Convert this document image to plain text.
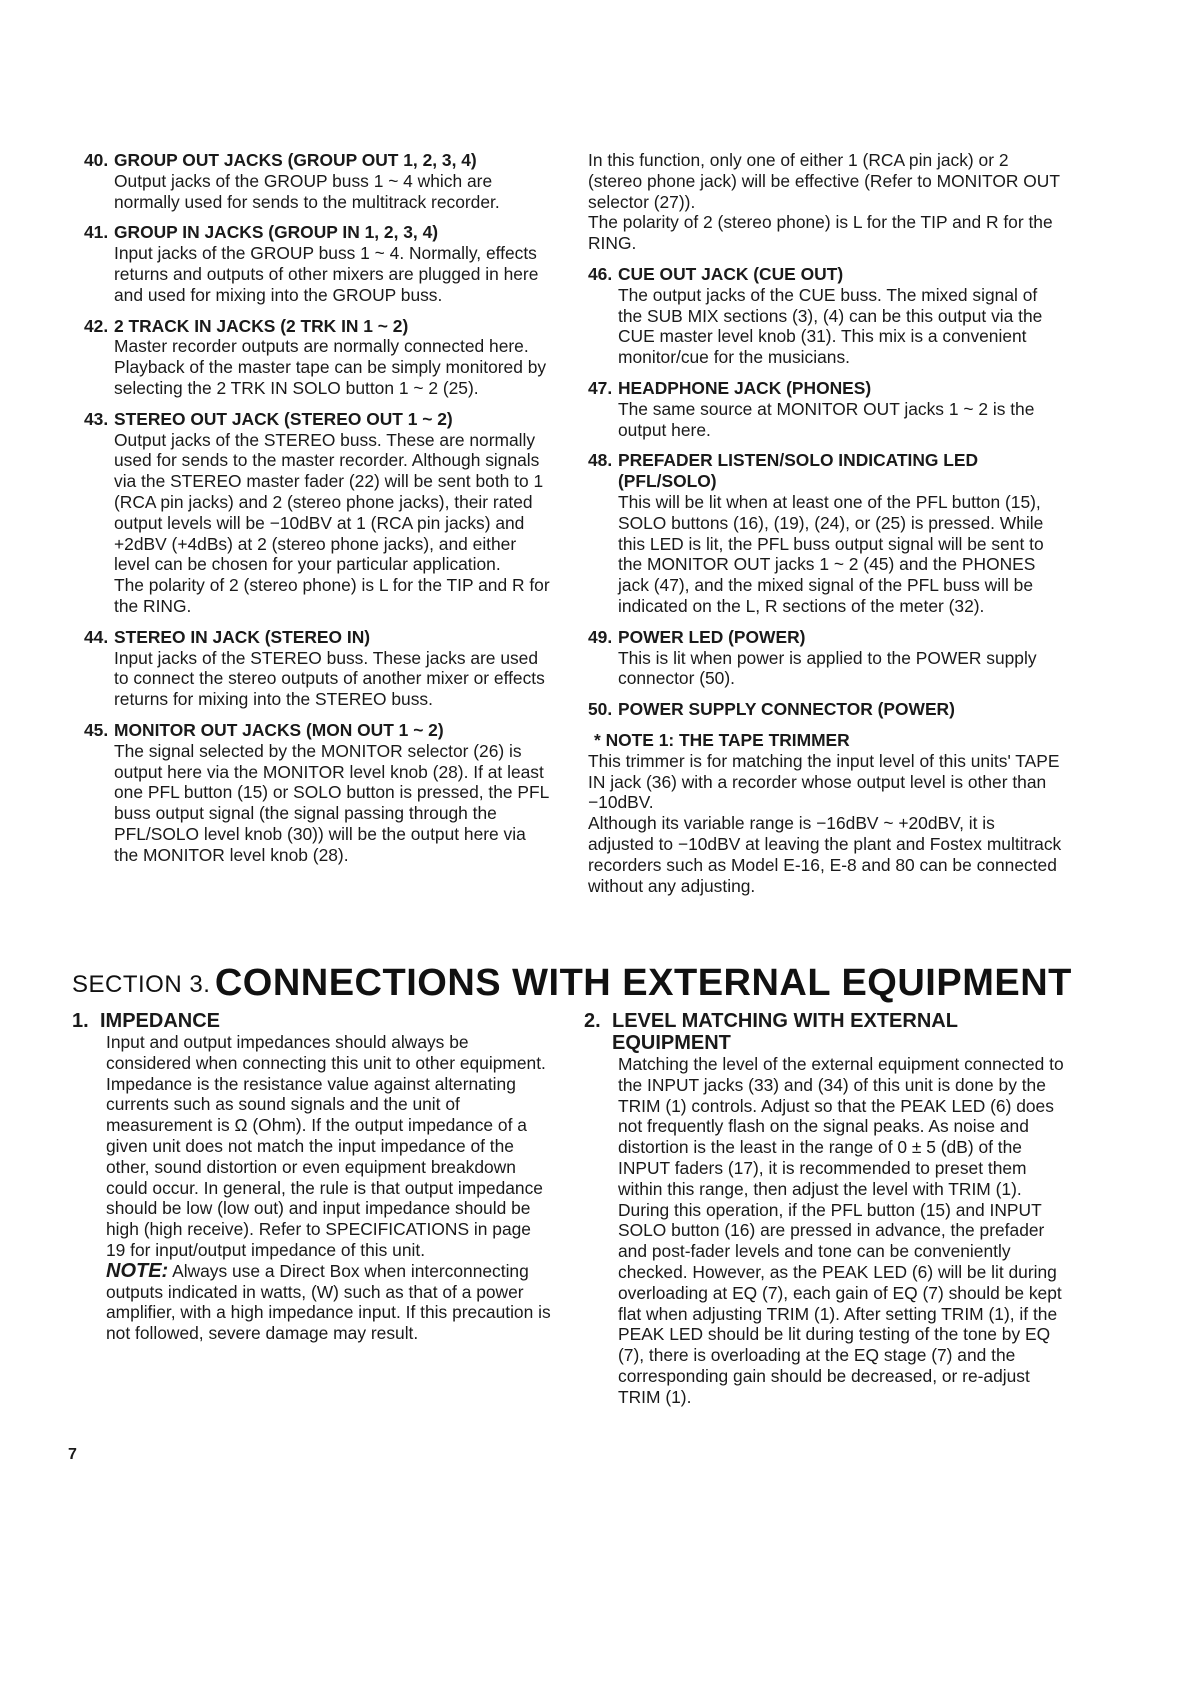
40. GROUP OUT JACKS (GROUP OUT 1, 2, 3, 4)

Output jacks of the GROUP buss 1 ~ 4 which are normally used for sends to the multitrack recorder.

41. GROUP IN JACKS (GROUP IN 1, 2, 3, 4)

Input jacks of the GROUP buss 1 ~ 4. Normally, effects returns and outputs of other mixers are plugged in here and used for mixing into the GROUP buss.

42. 2 TRACK IN JACKS (2 TRK IN 1 ~ 2)

Master recorder outputs are normally connected here. Playback of the master tape can be simply monitored by selecting the 2 TRK IN SOLO button 1 ~ 2 (25).

43. STEREO OUT JACK (STEREO OUT 1 ~ 2)

Output jacks of the STEREO buss. These are normally used for sends to the master recorder. Although signals via the STEREO master fader (22) will be sent both to 1 (RCA pin jacks) and 2 (stereo phone jacks), their rated output levels will be −10dBV at 1 (RCA pin jacks) and +2dBV (+4dBs) at 2 (stereo phone jacks), and either level can be chosen for your particular application.

The polarity of 2 (stereo phone) is L for the TIP and R for the RING.

44. STEREO IN JACK (STEREO IN)

Input jacks of the STEREO buss. These jacks are used to connect the stereo outputs of another mixer or effects returns for mixing into the STEREO buss.

45. MONITOR OUT JACKS (MON OUT 1 ~ 2)

The signal selected by the MONITOR selector (26) is output here via the MONITOR level knob (28). If at least one PFL button (15) or SOLO button is pressed, the PFL buss output signal (the signal passing through the PFL/SOLO level knob (30)) will be the output here via the MONITOR level knob (28).

In this function, only one of either 1 (RCA pin jack) or 2 (stereo phone jack) will be effective (Refer to MONITOR OUT selector (27)).

The polarity of 2 (stereo phone) is L for the TIP and R for the RING.

46. CUE OUT JACK (CUE OUT)

The output jacks of the CUE buss. The mixed signal of the SUB MIX sections (3), (4) can be this output via the CUE master level knob (31). This mix is a convenient monitor/cue for the musicians.

47. HEADPHONE JACK (PHONES)

The same source at MONITOR OUT jacks 1 ~ 2 is the output here.

48. PREFADER LISTEN/SOLO INDICATING LED (PFL/SOLO)

This will be lit when at least one of the PFL button (15), SOLO buttons (16), (19), (24), or (25) is pressed. While this LED is lit, the PFL buss output signal will be sent to the MONITOR OUT jacks 1 ~ 2 (45) and the PHONES jack (47), and the mixed signal of the PFL buss will be indicated on the L, R sections of the meter (32).

49. POWER LED (POWER)

This is lit when power is applied to the POWER supply connector (50).

50. POWER SUPPLY CONNECTOR (POWER)
* NOTE 1: THE TAPE TRIMMER

This trimmer is for matching the input level of this units' TAPE IN jack (36) with a recorder whose output level is other than −10dBV.

Although its variable range is −16dBV ~ +20dBV, it is adjusted to −10dBV at leaving the plant and Fostex multitrack recorders such as Model E-16, E-8 and 80 can be connected without any adjusting.

SECTION 3. CONNECTIONS WITH EXTERNAL EQUIPMENT
1. IMPEDANCE

Input and output impedances should always be considered when connecting this unit to other equipment.

Impedance is the resistance value against alternating currents such as sound signals and the unit of measurement is Ω (Ohm). If the output impedance of a given unit does not match the input impedance of the other, sound distortion or even equipment breakdown could occur. In general, the rule is that output impedance should be low (low out) and input impedance should be high (high receive). Refer to SPECIFICATIONS in page 19 for input/output impedance of this unit.

NOTE: Always use a Direct Box when interconnecting outputs indicated in watts, (W) such as that of a power amplifier, with a high impedance input. If this precaution is not followed, severe damage may result.

2. LEVEL MATCHING WITH EXTERNAL
EQUIPMENT

Matching the level of the external equipment connected to the INPUT jacks (33) and (34) of this unit is done by the TRIM (1) controls. Adjust so that the PEAK LED (6) does not frequently flash on the signal peaks. As noise and distortion is the least in the range of 0 ± 5 (dB) of the INPUT faders (17), it is recommended to preset them within this range, then adjust the level with TRIM (1). During this operation, if the PFL button (15) and INPUT SOLO button (16) are pressed in advance, the prefader and post-fader levels and tone can be conveniently checked. However, as the PEAK LED (6) will be lit during overloading at EQ (7), each gain of EQ (7) should be kept flat when adjusting TRIM (1). After setting TRIM (1), if the PEAK LED should be lit during testing of the tone by EQ (7), there is overloading at the EQ stage (7) and the corresponding gain should be decreased, or re-adjust TRIM (1).

7
